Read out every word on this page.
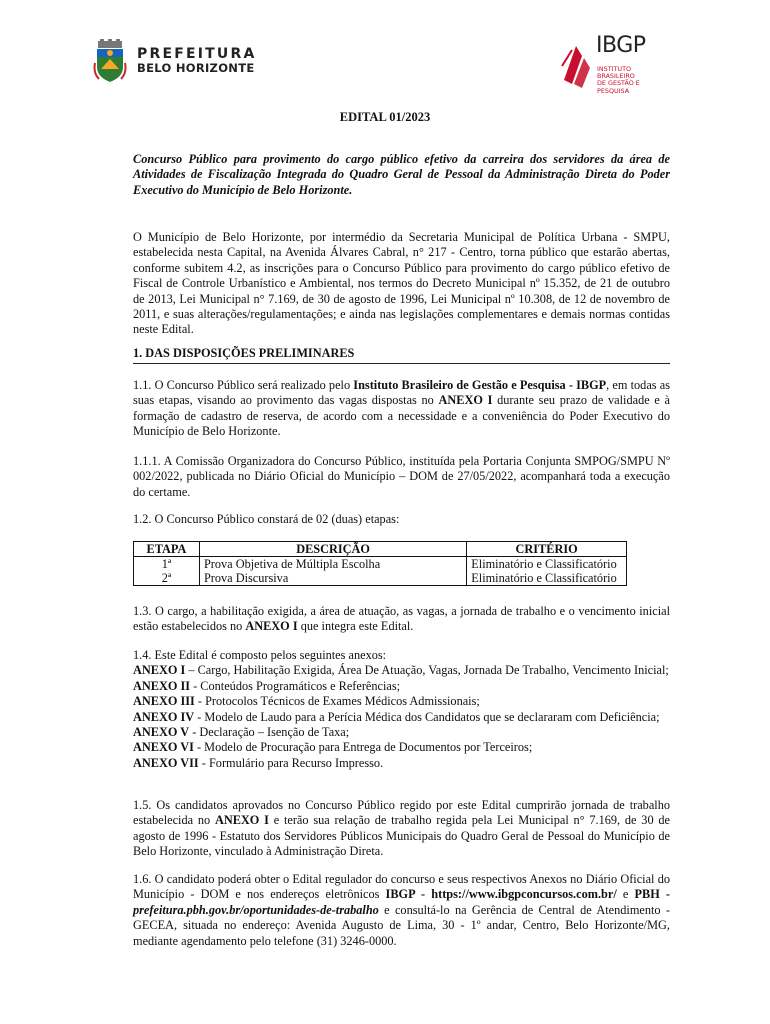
PREFEITURA
BELO HORIZONTE
IBGP
INSTITUTO BRASILEIRO
DE GESTÃO E PESQUISA
EDITAL 01/2023

Concurso Público para provimento do cargo público efetivo da carreira dos servidores da área de Atividades de Fiscalização Integrada do Quadro Geral de Pessoal da Administração Direta do Poder Executivo do Município de Belo Horizonte.

O Município de Belo Horizonte, por intermédio da Secretaria Municipal de Política Urbana - SMPU, estabelecida nesta Capital, na Avenida Álvares Cabral, n° 217 - Centro, torna público que estarão abertas, conforme subitem 4.2, as inscrições para o Concurso Público para provimento do cargo público efetivo de Fiscal de Controle Urbanístico e Ambiental, nos termos do Decreto Municipal nº 15.352, de 21 de outubro de 2013, Lei Municipal n° 7.169, de 30 de agosto de 1996, Lei Municipal nº 10.308, de 12 de novembro de 2011, e suas alterações/regulamentações; e ainda nas legislações complementares e demais normas contidas neste Edital.

1. DAS DISPOSIÇÕES PRELIMINARES

1.1. O Concurso Público será realizado pelo Instituto Brasileiro de Gestão e Pesquisa - IBGP, em todas as suas etapas, visando ao provimento das vagas dispostas no ANEXO I durante seu prazo de validade e à formação de cadastro de reserva, de acordo com a necessidade e a conveniência do Poder Executivo do Município de Belo Horizonte.

1.1.1. A Comissão Organizadora do Concurso Público, instituída pela Portaria Conjunta SMPOG/SMPU Nº 002/2022, publicada no Diário Oficial do Município – DOM de 27/05/2022, acompanhará toda a execução do certame.

1.2. O Concurso Público constará de 02 (duas) etapas:

ETAPA	DESCRIÇÃO	CRITÉRIO
1ª	Prova Objetiva de Múltipla Escolha	Eliminatório e Classificatório
2ª	Prova Discursiva	Eliminatório e Classificatório

1.3. O cargo, a habilitação exigida, a área de atuação, as vagas, a jornada de trabalho e o vencimento inicial estão estabelecidos no ANEXO I que integra este Edital.

1.4. Este Edital é composto pelos seguintes anexos:

ANEXO I – Cargo, Habilitação Exigida, Área De Atuação, Vagas, Jornada De Trabalho, Vencimento Inicial;

ANEXO II - Conteúdos Programáticos e Referências;

ANEXO III - Protocolos Técnicos de Exames Médicos Admissionais;

ANEXO IV - Modelo de Laudo para a Perícia Médica dos Candidatos que se declararam com Deficiência;

ANEXO V - Declaração – Isenção de Taxa;

ANEXO VI - Modelo de Procuração para Entrega de Documentos por Terceiros;

ANEXO VII - Formulário para Recurso Impresso.

1.5. Os candidatos aprovados no Concurso Público regido por este Edital cumprirão jornada de trabalho estabelecida no ANEXO I e terão sua relação de trabalho regida pela Lei Municipal n° 7.169, de 30 de agosto de 1996 - Estatuto dos Servidores Públicos Municipais do Quadro Geral de Pessoal do Município de Belo Horizonte, vinculado à Administração Direta.

1.6. O candidato poderá obter o Edital regulador do concurso e seus respectivos Anexos no Diário Oficial do Município - DOM e nos endereços eletrônicos IBGP - https://www.ibgpconcursos.com.br/ e PBH - prefeitura.pbh.gov.br/oportunidades-de-trabalho e consultá-lo na Gerência de Central de Atendimento - GECEA, situada no endereço: Avenida Augusto de Lima, 30 - 1º andar, Centro, Belo Horizonte/MG, mediante agendamento pelo telefone (31) 3246-0000.
